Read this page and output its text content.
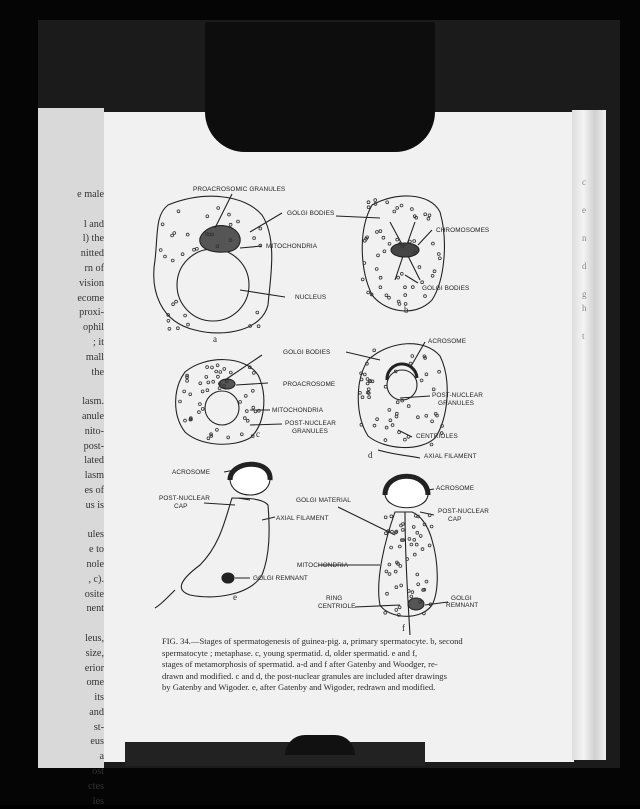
e male

l and
l) the
nitted
rn of
vision
ecome
proxi-
ophil
; it
mall
the

lasm.
anule
nito-
post-
lated
lasm
es of
us is

ules
e to
nole
, c).
osite
nent

leus,
size,
erior
ome
its
and
st-
eus
a
ost
ctes
les
c

e

n

d

g
h

t
PROACROSOMIC GRANULES
GOLGI BODIES
MITOCHONDRIA
NUCLEUS
CHROMOSOMES
GOLGI BODIES
GOLGI BODIES
PROACROSOME
MITOCHONDRIA
POST-NUCLEAR
GRANULES
ACROSOME
POST-NUCLEAR
GRANULES
CENTRIOLES
AXIAL FILAMENT
a
b
c
d
ACROSOME
POST-NUCLEAR
CAP
GOLGI MATERIAL
AXIAL FILAMENT
MITOCHONDRIA
GOLGI REMNANT
ACROSOME
POST-NUCLEAR
CAP
RING
CENTRIOLE
GOLGI
REMNANT
e
f
FIG. 34.—Stages of spermatogenesis of guinea-pig. a, primary spermatocyte. b, second
spermatocyte ; metaphase. c, young spermatid. d, older spermatid. e and f,
stages of metamorphosis of spermatid. a-d and f after Gatenby and Woodger, re-
drawn and modified. c and d, the post-nuclear granules are included after drawings
by Gatenby and Wigoder. e, after Gatenby and Wigoder, redrawn and modified.
